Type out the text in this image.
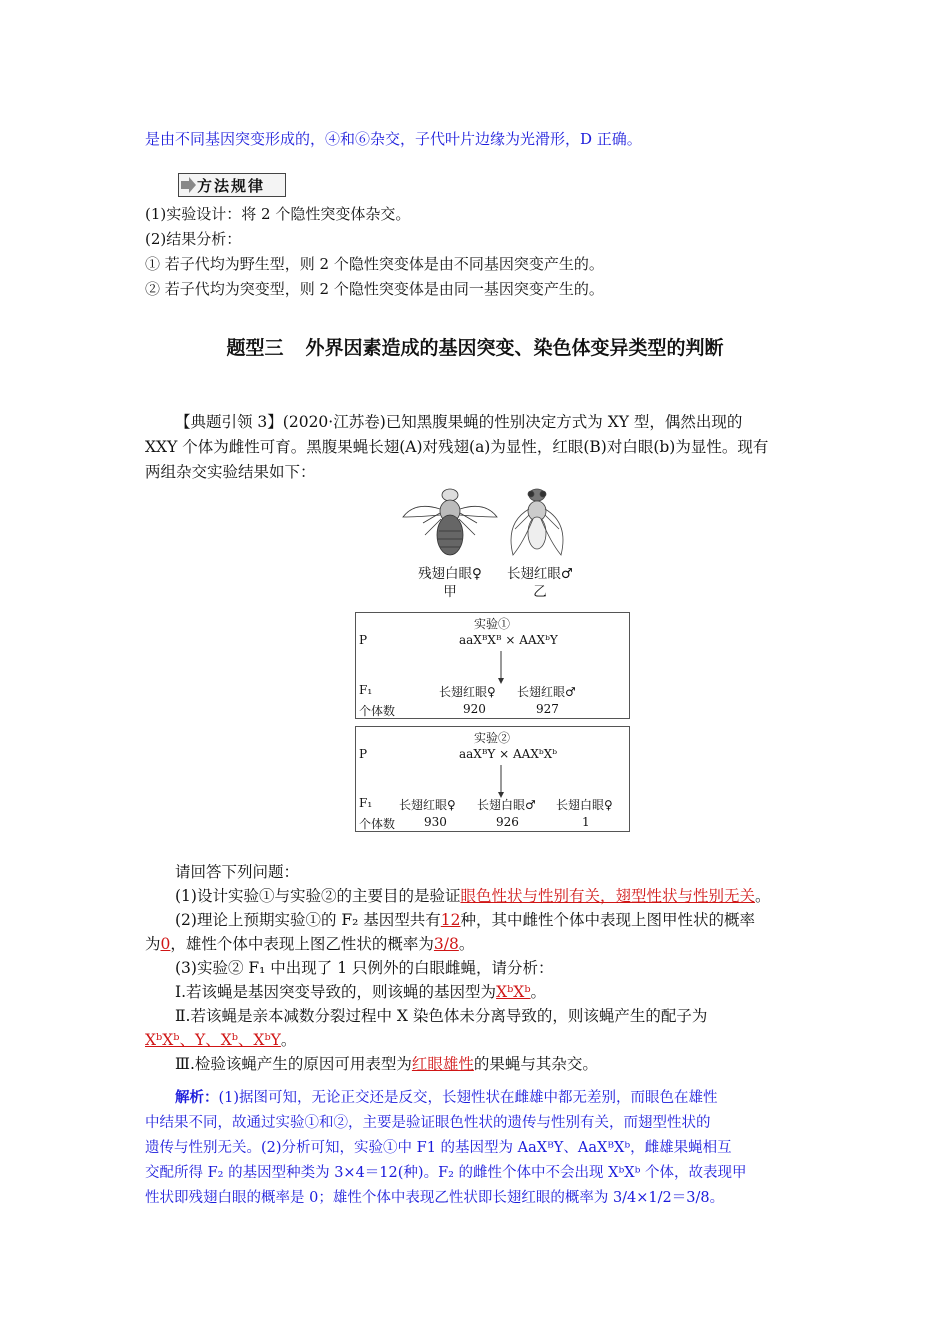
是由不同基因突变形成的，④和⑥杂交，子代叶片边缘为光滑形，D 正确。
方法规律
(1)实验设计：将 2 个隐性突变体杂交。
(2)结果分析：
① 若子代均为野生型，则 2 个隐性突变体是由不同基因突变产生的。
② 若子代均为突变型，则 2 个隐性突变体是由同一基因突变产生的。
题型三 外界因素造成的基因突变、染色体变异类型的判断
【典题引领 3】(2020·江苏卷)已知黑腹果蝇的性别决定方式为 XY 型，偶然出现的
XXY 个体为雌性可育。黑腹果蝇长翅(A)对残翅(a)为显性，红眼(B)对白眼(b)为显性。现有
两组杂交实验结果如下：
残翅白眼♀
甲
长翅红眼♂
乙
实验①
P	aaXᴮXᴮ × AAXᵇY
F₁	长翅红眼♀ 长翅红眼♂
个体数	920	927
实验②
P	aaXᴮY × AAXᵇXᵇ
F₁ 长翅红眼♀ 长翅白眼♂ 长翅白眼♀
个体数 930	926	1
请回答下列问题：
(1)设计实验①与实验②的主要目的是验证眼色性状与性别有关，翅型性状与性别无关。
(2)理论上预期实验①的 F₂ 基因型共有12种，其中雌性个体中表现上图甲性状的概率
为0，雄性个体中表现上图乙性状的概率为3/8。
(3)实验② F₁ 中出现了 1 只例外的白眼雌蝇，请分析：
Ⅰ.若该蝇是基因突变导致的，则该蝇的基因型为XᵇXᵇ。
Ⅱ.若该蝇是亲本减数分裂过程中 X 染色体未分离导致的，则该蝇产生的配子为
XᵇXᵇ、Y、Xᵇ、XᵇY。
Ⅲ.检验该蝇产生的原因可用表型为红眼雄性的果蝇与其杂交。
解析：(1)据图可知，无论正交还是反交，长翅性状在雌雄中都无差别，而眼色在雄性
中结果不同，故通过实验①和②，主要是验证眼色性状的遗传与性别有关，而翅型性状的
遗传与性别无关。(2)分析可知，实验①中 F1 的基因型为 AaXᴮY、AaXᴮXᵇ，雌雄果蝇相互
交配所得 F₂ 的基因型种类为 3×4＝12(种)。F₂ 的雌性个体中不会出现 XᵇXᵇ 个体，故表现甲
性状即残翅白眼的概率是 0；雄性个体中表现乙性状即长翅红眼的概率为 3/4×1/2＝3/8。
